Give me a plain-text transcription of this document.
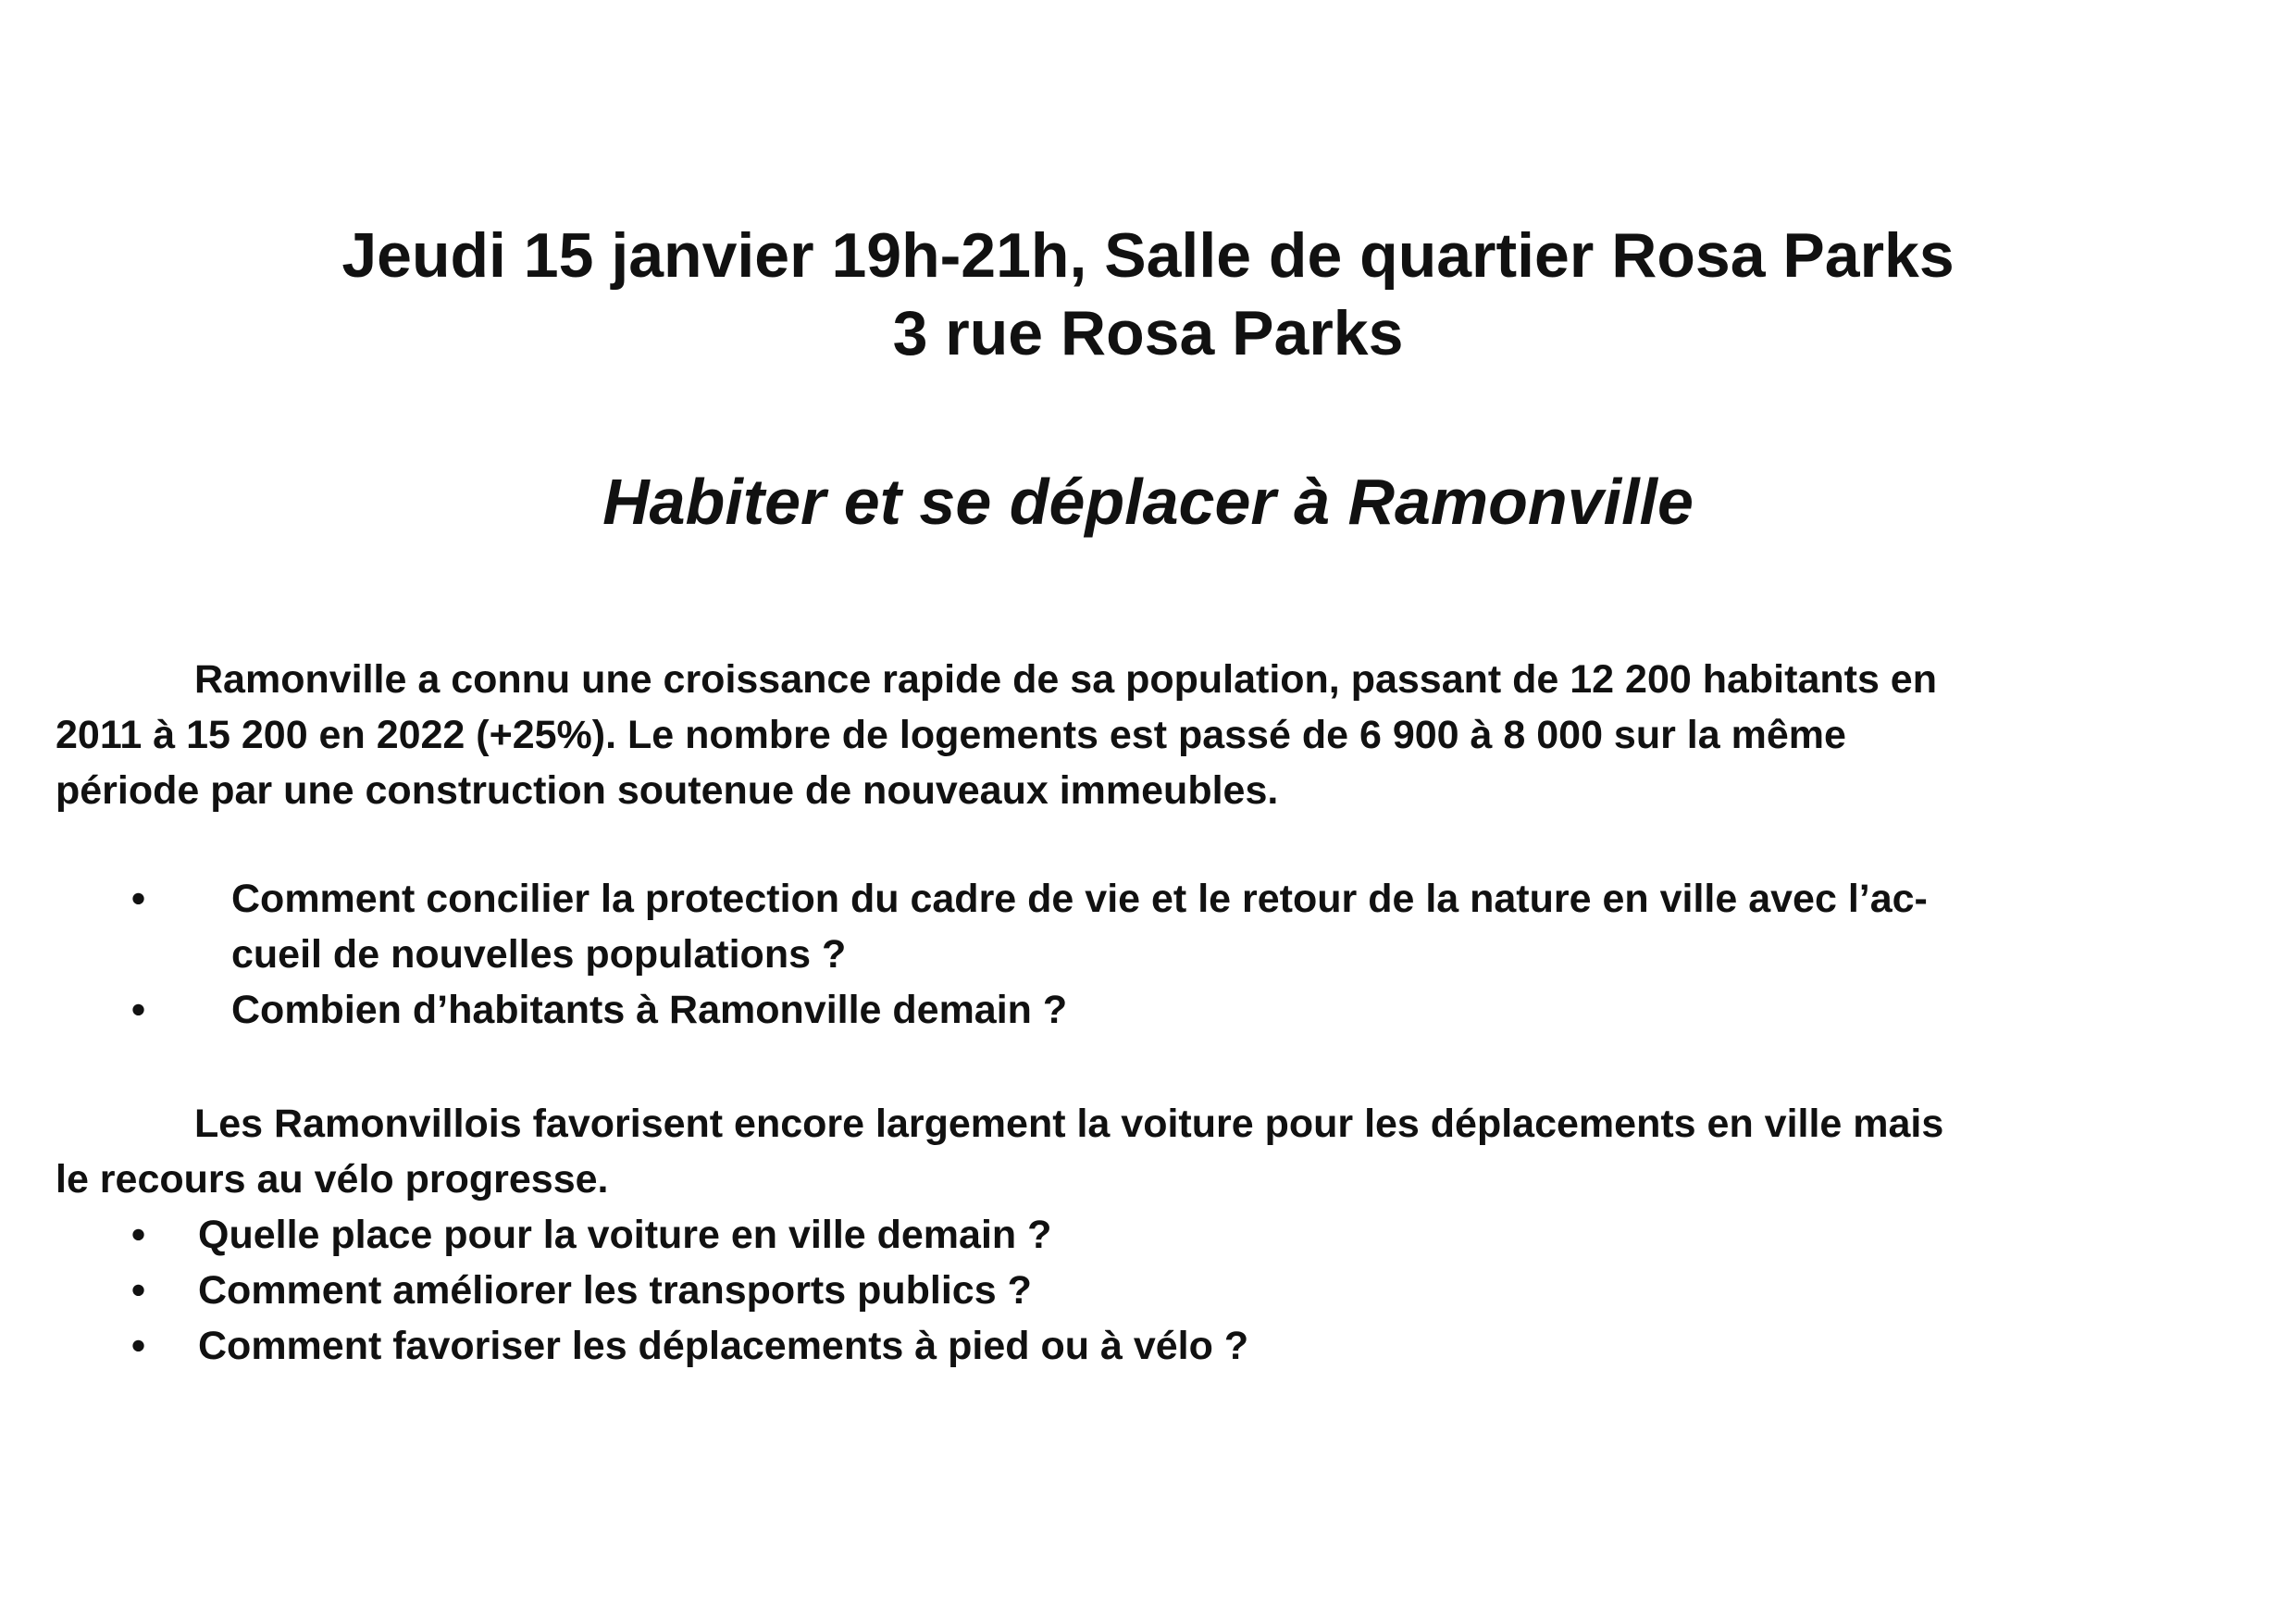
Jeudi 15 janvier 19h-21h, Salle de quartier Rosa Parks
3 rue Rosa Parks
Habiter et se déplacer à Ramonville

Ramonville a connu une croissance rapide de sa population, passant de 12 200 habitants en

2011 à 15 200 en 2022 (+25%). Le nombre de logements est passé de 6 900 à 8 000 sur la même

période par une construction soutenue de nouveaux immeubles.

• Comment concilier la protection du cadre de vie et le retour de la nature en ville avec l’ac-

cueil de nouvelles populations ?

• Combien d’habitants à Ramonville demain ?

Les Ramonvillois favorisent encore largement la voiture pour les déplacements en ville mais

le recours au vélo progresse.

• Quelle place pour la voiture en ville demain ?

• Comment améliorer les transports publics ?

• Comment favoriser les déplacements à pied ou à vélo ?
